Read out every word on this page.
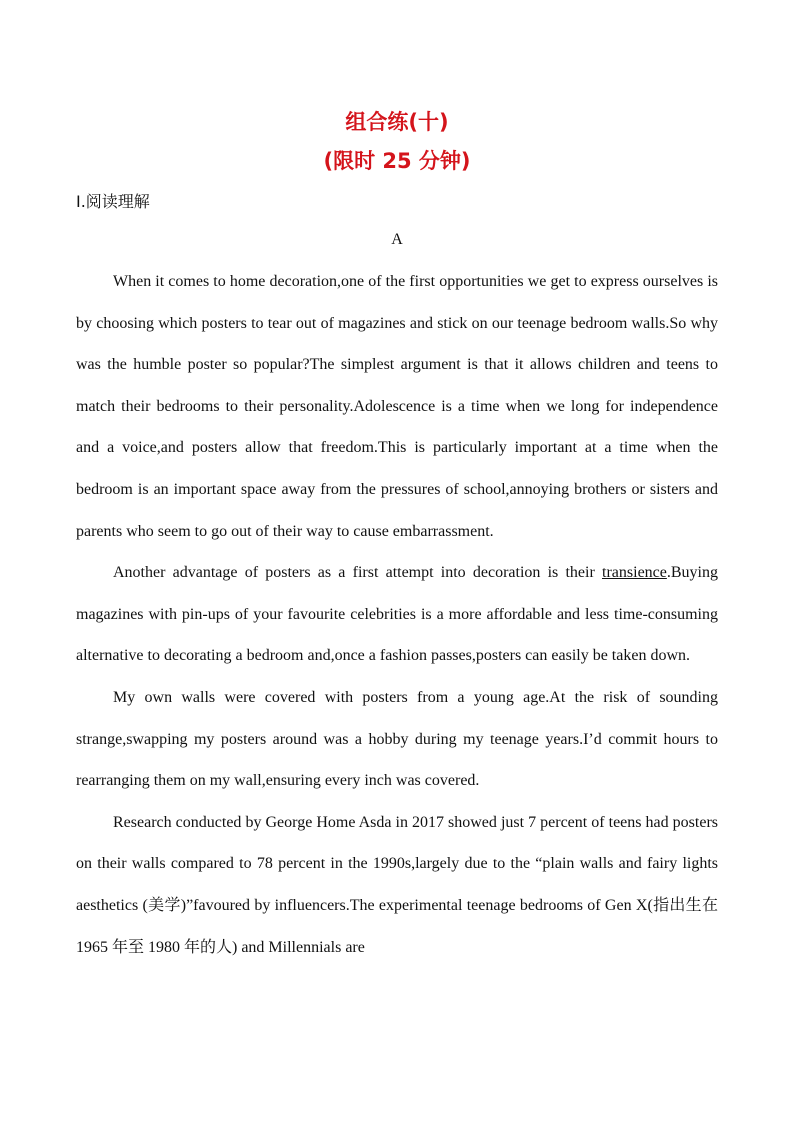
组合练(十)
(限时 25 分钟)
Ⅰ.阅读理解
A

When it comes to home decoration,one of the first opportunities we get to express ourselves is by choosing which posters to tear out of magazines and stick on our teenage bedroom walls.So why was the humble poster so popular?The simplest argument is that it allows children and teens to match their bedrooms to their personality.Adolescence is a time when we long for independence and a voice,and posters allow that freedom.This is particularly important at a time when the bedroom is an important space away from the pressures of school,annoying brothers or sisters and parents who seem to go out of their way to cause embarrassment.

Another advantage of posters as a first attempt into decoration is their transience.Buying magazines with pin-ups of your favourite celebrities is a more affordable and less time-consuming alternative to decorating a bedroom and,once a fashion passes,posters can easily be taken down.

My own walls were covered with posters from a young age.At the risk of sounding strange,swapping my posters around was a hobby during my teenage years.I’d commit hours to rearranging them on my wall,ensuring every inch was covered.

Research conducted by George Home Asda in 2017 showed just 7 percent of teens had posters on their walls compared to 78 percent in the 1990s,largely due to the “plain walls and fairy lights aesthetics (美学)”favoured by influencers.The experimental teenage bedrooms of Gen X(指出生在 1965 年至 1980 年的人) and Millennials are
